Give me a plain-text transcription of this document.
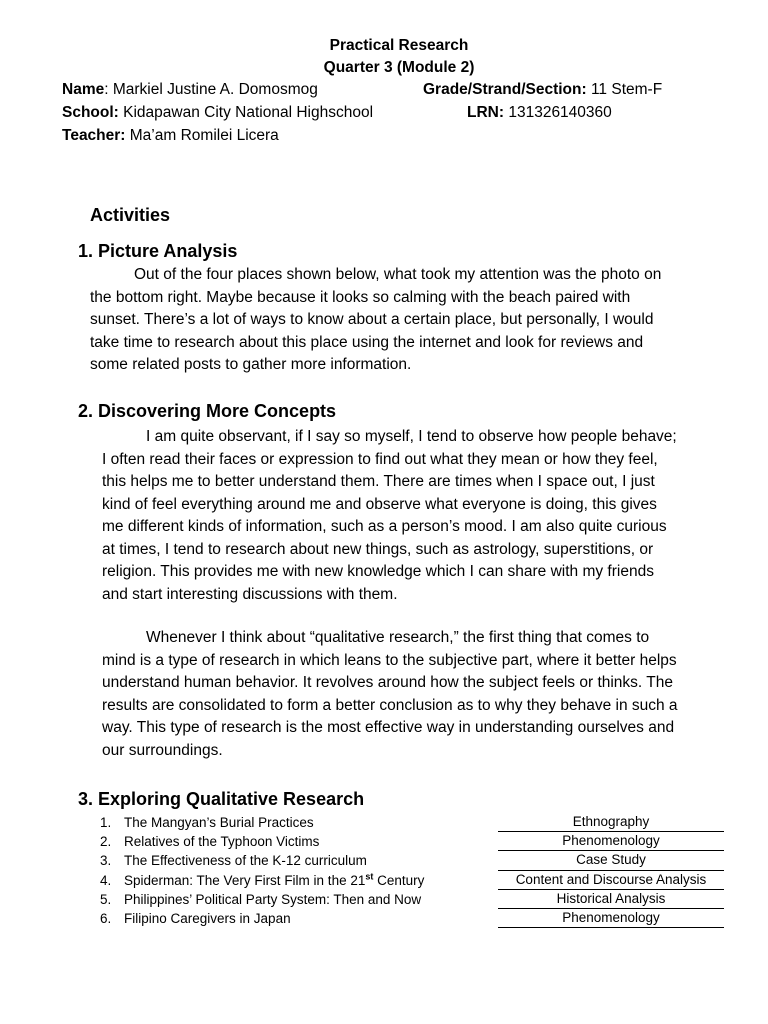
Practical Research
Quarter 3 (Module 2)
Name: Markiel Justine A. Domosmog	Grade/Strand/Section: 11 Stem-F
School: Kidapawan City National Highschool	LRN: 131326140360
Teacher: Ma’am Romilei Licera
Activities
1. Picture Analysis
Out of the four places shown below, what took my attention was the photo on the bottom right. Maybe because it looks so calming with the beach paired with sunset. There’s a lot of ways to know about a certain place, but personally, I would take time to research about this place using the internet and look for reviews and some related posts to gather more information.
2. Discovering More Concepts
I am quite observant, if I say so myself, I tend to observe how people behave; I often read their faces or expression to find out what they mean or how they feel, this helps me to better understand them. There are times when I space out, I just kind of feel everything around me and observe what everyone is doing, this gives me different kinds of information, such as a person’s mood. I am also quite curious at times, I tend to research about new things, such as astrology, superstitions, or religion. This provides me with new knowledge which I can share with my friends and start interesting discussions with them.
Whenever I think about “qualitative research,” the first thing that comes to mind is a type of research in which leans to the subjective part, where it better helps understand human behavior. It revolves around how the subject feels or thinks. The results are consolidated to form a better conclusion as to why they behave in such a way. This type of research is the most effective way in understanding ourselves and our surroundings.
3. Exploring Qualitative Research
1. The Mangyan’s Burial Practices
2. Relatives of the Typhoon Victims
3. The Effectiveness of the K-12 curriculum
4. Spiderman: The Very First Film in the 21st Century
5. Philippines’ Political Party System: Then and Now
6. Filipino Caregivers in Japan
Ethnography
Phenomenology
Case Study
Content and Discourse Analysis
Historical Analysis
Phenomenology
